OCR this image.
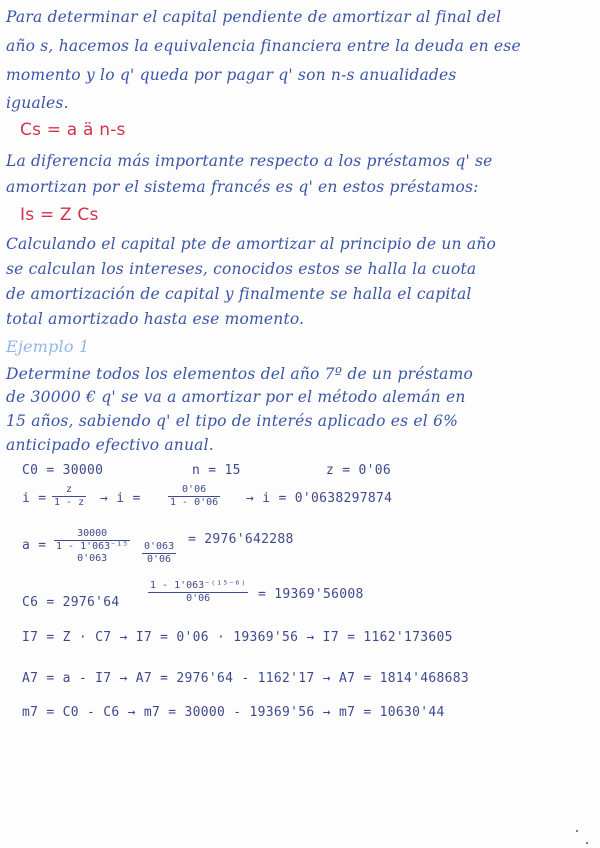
Para determinar el capital pendiente de amortizar al final del
año s, hacemos la equivalencia financiera entre la deuda en ese
momento y lo q' queda por pagar q' son n-s anualidades
iguales.
Cs = a ä n-s
La diferencia más importante respecto a los préstamos q' se
amortizan por el sistema francés es q' en estos préstamos:
Is = Z Cs
Calculando el capital pte de amortizar al principio de un año
se calculan los intereses, conocidos estos se halla la cuota
de amortización de capital y finalmente se halla el capital
total amortizado hasta ese momento.
Ejemplo 1
Determine todos los elementos del año 7º de un préstamo
de 30000 € q' se va a amortizar por el método alemán en
15 años, sabiendo q' el tipo de interés aplicado es el 6%
anticipado efectivo anual.
C0 = 30000	n = 15	z = 0'06
$i = \frac{z}{1 - z} \to i$ =	$\frac{0'06}{1 - 0'06} \to i = 0'0638297874$
a =
30000
1 - 1'063⁻¹⁵
0'063	$\frac{0'063}{0'06}$
= 2976'642288
C6 = 2976'64	$\frac{\text{1 - 1'063⁻⁽¹⁵⁻⁶⁾}}{0'06} = 19369'56008$
I7 = Z · C7 → I7 = 0'06 · 19369'56 → I7 = 1162'173605
A7 = a - I7 → A7 = 2976'64 - 1162'17 → A7 = 1814'468683
m7 = C0 - C6 → m7 = 30000 - 19369'56 → m7 = 10630'44
